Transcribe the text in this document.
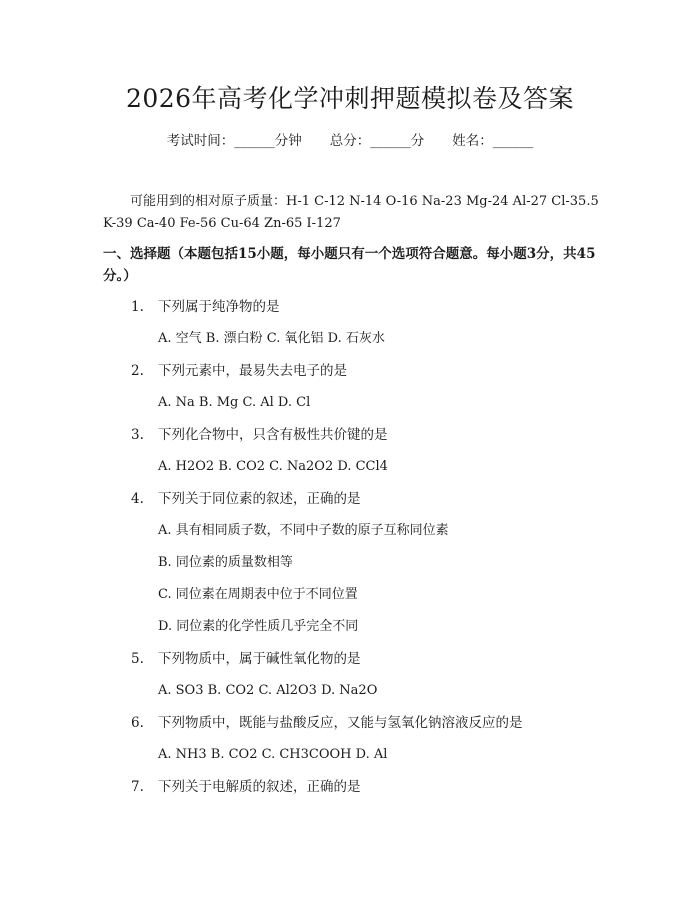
2026年高考化学冲刺押题模拟卷及答案
考试时间：______分钟 总分：______分 姓名：______
可能用到的相对原子质量：H-1 C-12 N-14 O-16 Na-23 Mg-24 Al-27 Cl-35.5
K-39 Ca-40 Fe-56 Cu-64 Zn-65 I-127
一、选择题（本题包括15小题，每小题只有一个选项符合题意。每小题3分，共45分。）
1. 下列属于纯净物的是
A. 空气 B. 漂白粉 C. 氧化铝 D. 石灰水
2. 下列元素中，最易失去电子的是
A. Na B. Mg C. Al D. Cl
3. 下列化合物中，只含有极性共价键的是
A. H2O2 B. CO2 C. Na2O2 D. CCl4
4. 下列关于同位素的叙述，正确的是
A. 具有相同质子数，不同中子数的原子互称同位素
B. 同位素的质量数相等
C. 同位素在周期表中位于不同位置
D. 同位素的化学性质几乎完全不同
5. 下列物质中，属于碱性氧化物的是
A. SO3 B. CO2 C. Al2O3 D. Na2O
6. 下列物质中，既能与盐酸反应，又能与氢氧化钠溶液反应的是
A. NH3 B. CO2 C. CH3COOH D. Al
7. 下列关于电解质的叙述，正确的是
